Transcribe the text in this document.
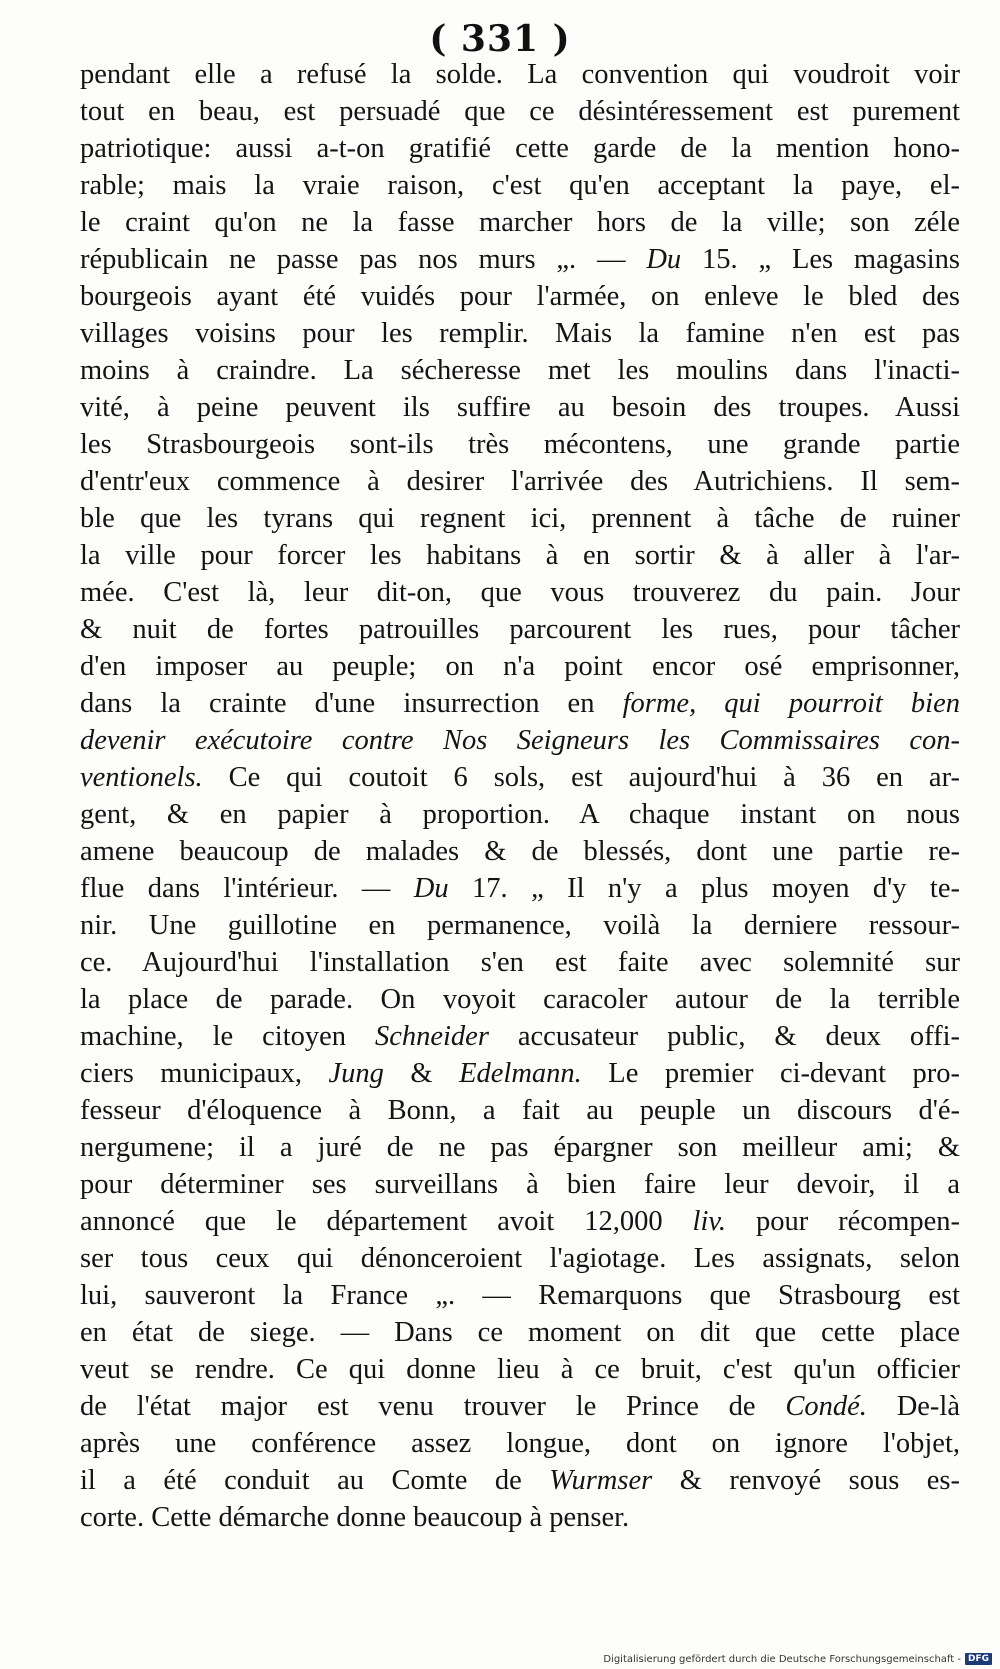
( 331 )
pendant elle a refusé la solde. La convention qui voudroit voir
tout en beau, est persuadé que ce désintéressement est purement
patriotique: aussi a-t-on gratifié cette garde de la mention hono-
rable; mais la vraie raison, c'est qu'en acceptant la paye, el-
le craint qu'on ne la fasse marcher hors de la ville; son zéle
républicain ne passe pas nos murs „. — Du 15. „ Les magasins
bourgeois ayant été vuidés pour l'armée, on enleve le bled des
villages voisins pour les remplir. Mais la famine n'en est pas
moins à craindre. La sécheresse met les moulins dans l'inacti-
vité, à peine peuvent ils suffire au besoin des troupes. Aussi
les Strasbourgeois sont-ils très mécontens, une grande partie
d'entr'eux commence à desirer l'arrivée des Autrichiens. Il sem-
ble que les tyrans qui regnent ici, prennent à tâche de ruiner
la ville pour forcer les habitans à en sortir & à aller à l'ar-
mée. C'est là, leur dit-on, que vous trouverez du pain. Jour
& nuit de fortes patrouilles parcourent les rues, pour tâcher
d'en imposer au peuple; on n'a point encor osé emprisonner,
dans la crainte d'une insurrection en forme, qui pourroit bien
devenir exécutoire contre Nos Seigneurs les Commissaires con-
ventionels. Ce qui coutoit 6 sols, est aujourd'hui à 36 en ar-
gent, & en papier à proportion. A chaque instant on nous
amene beaucoup de malades & de blessés, dont une partie re-
flue dans l'intérieur. — Du 17. „ Il n'y a plus moyen d'y te-
nir. Une guillotine en permanence, voilà la derniere ressour-
ce. Aujourd'hui l'installation s'en est faite avec solemnité sur
la place de parade. On voyoit caracoler autour de la terrible
machine, le citoyen Schneider accusateur public, & deux offi-
ciers municipaux, Jung & Edelmann. Le premier ci-devant pro-
fesseur d'éloquence à Bonn, a fait au peuple un discours d'é-
nergumene; il a juré de ne pas épargner son meilleur ami; &
pour déterminer ses surveillans à bien faire leur devoir, il a
annoncé que le département avoit 12,000 liv. pour récompen-
ser tous ceux qui dénonceroient l'agiotage. Les assignats, selon
lui, sauveront la France „. — Remarquons que Strasbourg est
en état de siege. — Dans ce moment on dit que cette place
veut se rendre. Ce qui donne lieu à ce bruit, c'est qu'un officier
de l'état major est venu trouver le Prince de Condé. De-là
après une conférence assez longue, dont on ignore l'objet,
il a été conduit au Comte de Wurmser & renvoyé sous es-
corte. Cette démarche donne beaucoup à penser.
Digitalisierung gefördert durch die Deutsche Forschungsgemeinschaft - DFG
